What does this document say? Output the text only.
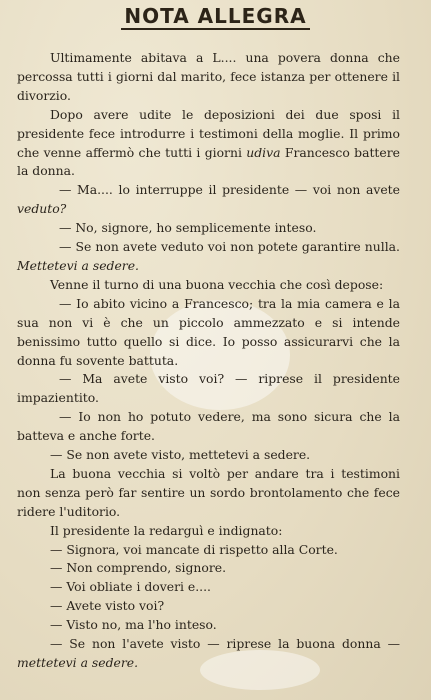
NOTA ALLEGRA

Ultimamente abitava a L.... una povera donna che percossa tutti i giorni dal marito, fece istanza per ottenere il divorzio.

Dopo avere udite le deposizioni dei due sposi il presidente fece introdurre i testimoni della moglie. Il primo che venne affermò che tutti i giorni udiva Francesco battere la donna.

— Ma.... lo interruppe il presidente — voi non avete veduto?

— No, signore, ho semplicemente inteso.

— Se non avete veduto voi non potete garantire nulla. Mettetevi a sedere.

Venne il turno di una buona vecchia che così depose:

— Io abito vicino a Francesco; tra la mia camera e la sua non vi è che un piccolo ammezzato e si intende benissimo tutto quello si dice. Io posso assicurarvi che la donna fu sovente battuta.

— Ma avete visto voi? — riprese il presidente impazientito.

— Io non ho potuto vedere, ma sono sicura che la batteva e anche forte.

— Se non avete visto, mettetevi a sedere.

La buona vecchia si voltò per andare tra i testimoni non senza però far sentire un sordo brontolamento che fece ridere l'uditorio.

Il presidente la redarguì e indignato:

— Signora, voi mancate di rispetto alla Corte.

— Non comprendo, signore.

— Voi obliate i doveri e....

— Avete visto voi?

— Visto no, ma l'ho inteso.

— Se non l'avete visto — riprese la buona donna — mettetevi a sedere.
